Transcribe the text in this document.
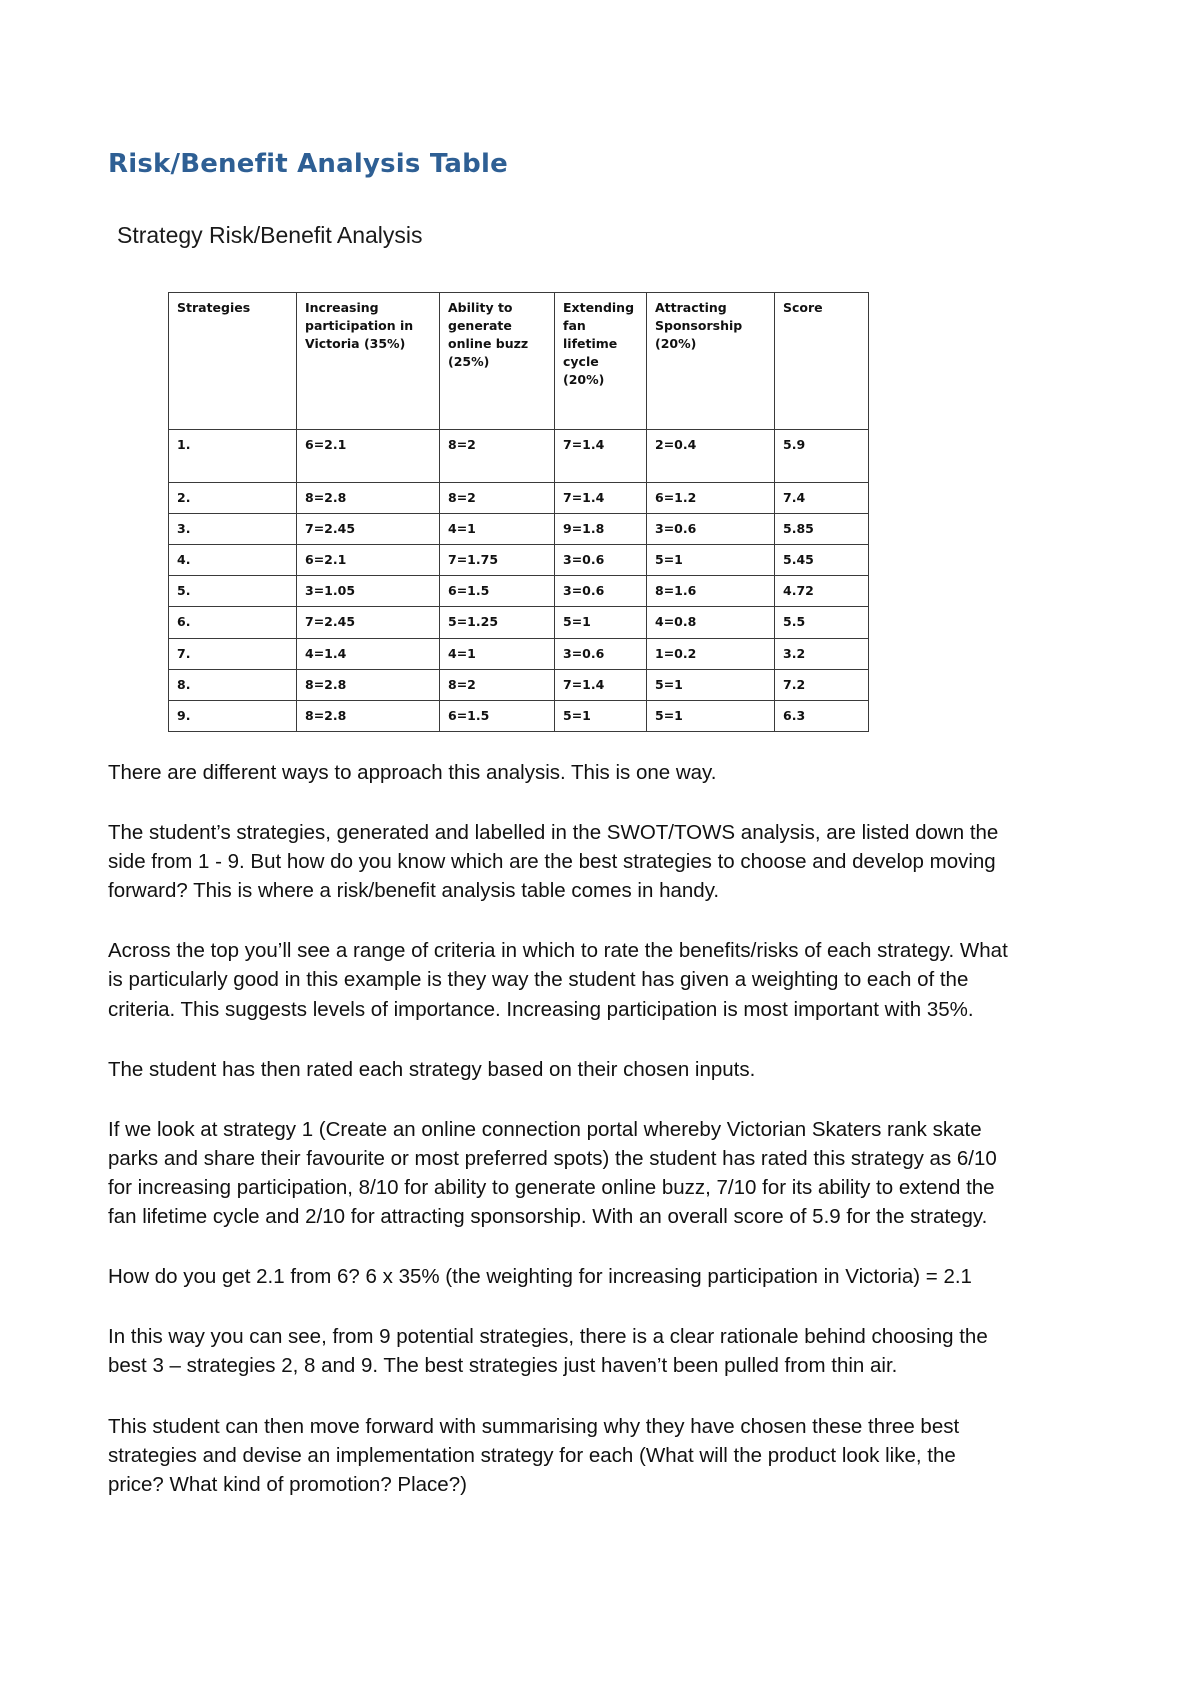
Risk/Benefit Analysis Table
Strategy Risk/Benefit Analysis
Strategies	Increasing participation in Victoria (35%)	Ability to generate online buzz (25%)	Extending fan lifetime cycle (20%)	Attracting Sponsorship (20%)	Score
1.	6=2.1	8=2	7=1.4	2=0.4	5.9
2.	8=2.8	8=2	7=1.4	6=1.2	7.4
3.	7=2.45	4=1	9=1.8	3=0.6	5.85
4.	6=2.1	7=1.75	3=0.6	5=1	5.45
5.	3=1.05	6=1.5	3=0.6	8=1.6	4.72
6.	7=2.45	5=1.25	5=1	4=0.8	5.5
7.	4=1.4	4=1	3=0.6	1=0.2	3.2
8.	8=2.8	8=2	7=1.4	5=1	7.2
9.	8=2.8	6=1.5	5=1	5=1	6.3

There are different ways to approach this analysis. This is one way.

The student’s strategies, generated and labelled in the SWOT/TOWS analysis, are listed down the side from 1 - 9. But how do you know which are the best strategies to choose and develop moving forward? This is where a risk/benefit analysis table comes in handy.

Across the top you’ll see a range of criteria in which to rate the benefits/risks of each strategy. What is particularly good in this example is they way the student has given a weighting to each of the criteria. This suggests levels of importance. Increasing participation is most important with 35%.

The student has then rated each strategy based on their chosen inputs.

If we look at strategy 1 (Create an online connection portal whereby Victorian Skaters rank skate parks and share their favourite or most preferred spots) the student has rated this strategy as 6/10 for increasing participation, 8/10 for ability to generate online buzz, 7/10 for its ability to extend the fan lifetime cycle and 2/10 for attracting sponsorship. With an overall score of 5.9 for the strategy.

How do you get 2.1 from 6? 6 x 35% (the weighting for increasing participation in Victoria) = 2.1

In this way you can see, from 9 potential strategies, there is a clear rationale behind choosing the best 3 – strategies 2, 8 and 9. The best strategies just haven’t been pulled from thin air.

This student can then move forward with summarising why they have chosen these three best strategies and devise an implementation strategy for each (What will the product look like, the price? What kind of promotion? Place?)
